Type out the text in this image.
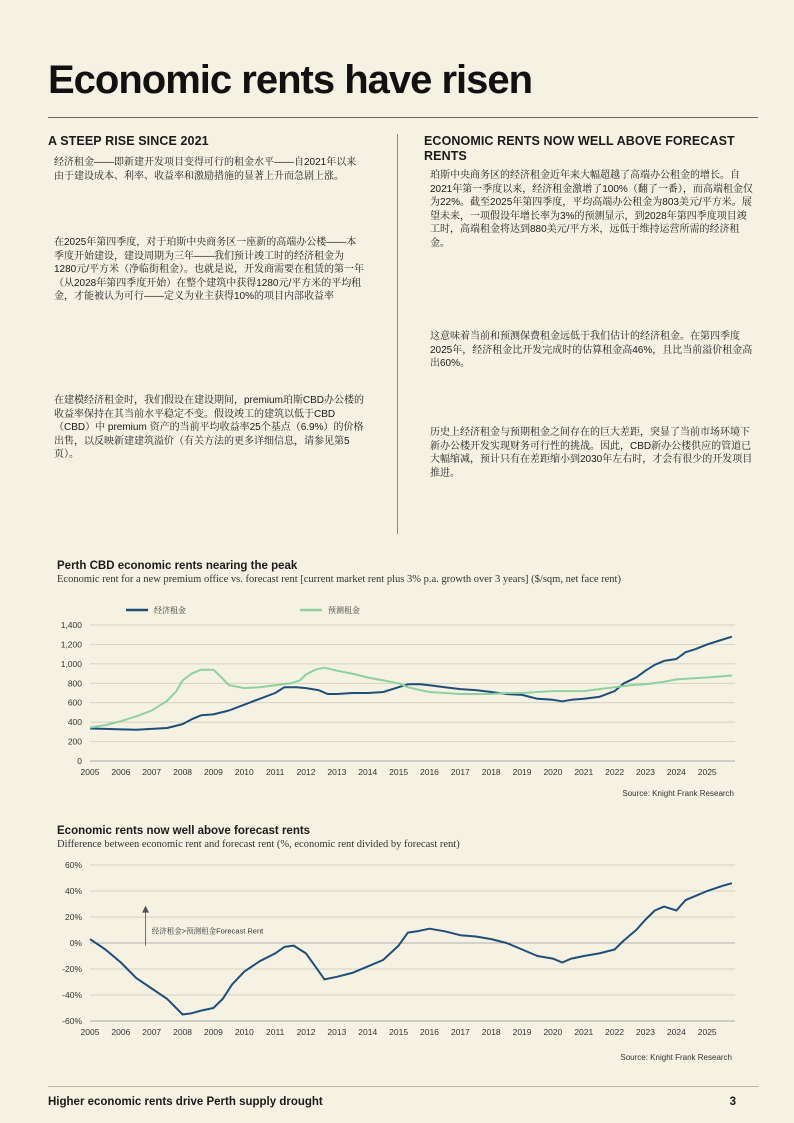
Economic rents have risen
A STEEP RISE SINCE 2021

经济租金——即新建开发项目变得可行的租金水平——自2021年以来由于建设成本、利率、收益率和激励措施的显著上升而急剧上涨。

在2025年第四季度，对于珀斯中央商务区一座新的高端办公楼——本季度开始建设，建设周期为三年——我们预计竣工时的经济租金为1280元/平方米（净临街租金）。也就是说，开发商需要在租赁的第一年（从2028年第四季度开始）在整个建筑中获得1280元/平方米的平均租金，才能被认为可行——定义为业主获得10%的项目内部收益率

在建模经济租金时，我们假设在建设期间，premium珀斯CBD办公楼的收益率保持在其当前水平稳定不变。假设竣工的建筑以低于CBD（CBD）中 premium 资产的当前平均收益率25个基点（6.9%）的价格出售，以反映新建建筑溢价（有关方法的更多详细信息，请参见第5页）。

ECONOMIC RENTS NOW WELL ABOVE FORECAST RENTS

珀斯中央商务区的经济租金近年来大幅超越了高端办公租金的增长。自2021年第一季度以来，经济租金激增了100%（翻了一番），而高端租金仅为22%。截至2025年第四季度，平均高端办公租金为803美元/平方米。展望未来，一项假设年增长率为3%的预测显示，到2028年第四季度项目竣工时，高端租金将达到880美元/平方米，远低于维持运营所需的经济租金。

这意味着当前和预测保费租金远低于我们估计的经济租金。在第四季度2025年，经济租金比开发完成时的估算租金高46%，且比当前溢价租金高出60%。

历史上经济租金与预期租金之间存在的巨大差距，突显了当前市场环境下新办公楼开发实现财务可行性的挑战。因此，CBD新办公楼供应的管道已大幅缩减，预计只有在差距缩小到2030年左右时，才会有很少的开发项目推进。

Perth CBD economic rents nearing the peak
Economic rent for a new premium office vs. forecast rent [current market rent plus 3% p.a. growth over 3 years] ($/sqm, net face rent)
0
200
400
600
800
1,000
1,200
1,400
2005 2006 2007 2008 2009 2010 2011 2012 2013 2014 2015 2016 2017 2018 2019 2020 2021 2022 2023 2024 2025
经济租金	预测租金
Source: Knight Frank Research
Economic rents now well above forecast rents
Difference between economic rent and forecast rent (%, economic rent divided by forecast rent)
-60%
-40%
-20%
0%
20%
40%
60%
2005 2006 2007 2008 2009 2010 2011 2012 2013 2014 2015 2016 2017 2018 2019 2020 2021 2022 2023 2024 2025
经济租金>预测租金Forecast Rent
Source: Knight Frank Research
Higher economic rents drive Perth supply drought	3
